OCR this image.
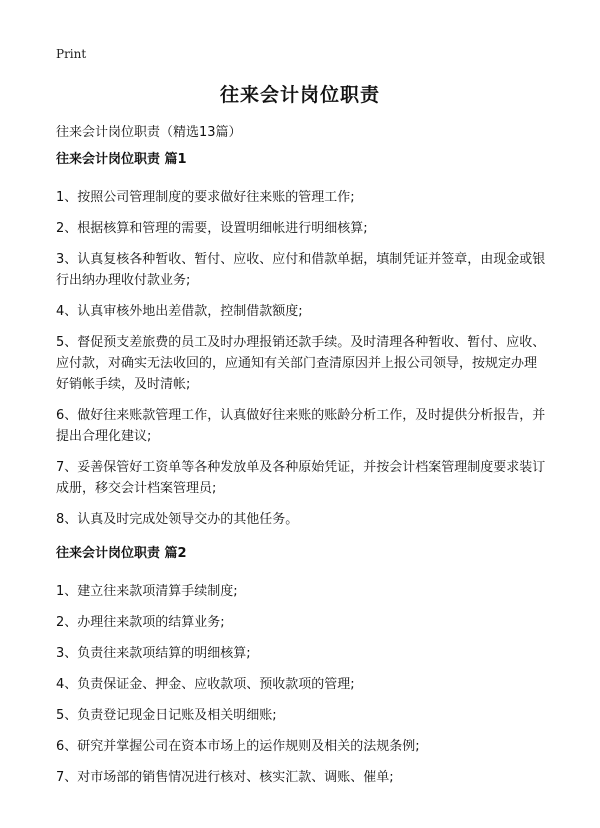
Print
往来会计岗位职责
往来会计岗位职责（精选13篇）
往来会计岗位职责 篇1
1、按照公司管理制度的要求做好往来账的管理工作;
2、根据核算和管理的需要，设置明细帐进行明细核算;
3、认真复核各种暂收、暂付、应收、应付和借款单据，填制凭证并签章，由现金或银行出纳办理收付款业务;
4、认真审核外地出差借款，控制借款额度;
5、督促预支差旅费的员工及时办理报销还款手续。及时清理各种暂收、暂付、应收、应付款，对确实无法收回的，应通知有关部门查清原因并上报公司领导，按规定办理好销帐手续，及时清帐;
6、做好往来账款管理工作，认真做好往来账的账龄分析工作，及时提供分析报告，并提出合理化建议;
7、妥善保管好工资单等各种发放单及各种原始凭证，并按会计档案管理制度要求装订成册，移交会计档案管理员;
8、认真及时完成处领导交办的其他任务。
往来会计岗位职责 篇2
1、建立往来款项清算手续制度;
2、办理往来款项的结算业务;
3、负责往来款项结算的明细核算;
4、负责保证金、押金、应收款项、预收款项的管理;
5、负责登记现金日记账及相关明细账;
6、研究并掌握公司在资本市场上的运作规则及相关的法规条例;
7、对市场部的销售情况进行核对、核实汇款、调账、催单;
